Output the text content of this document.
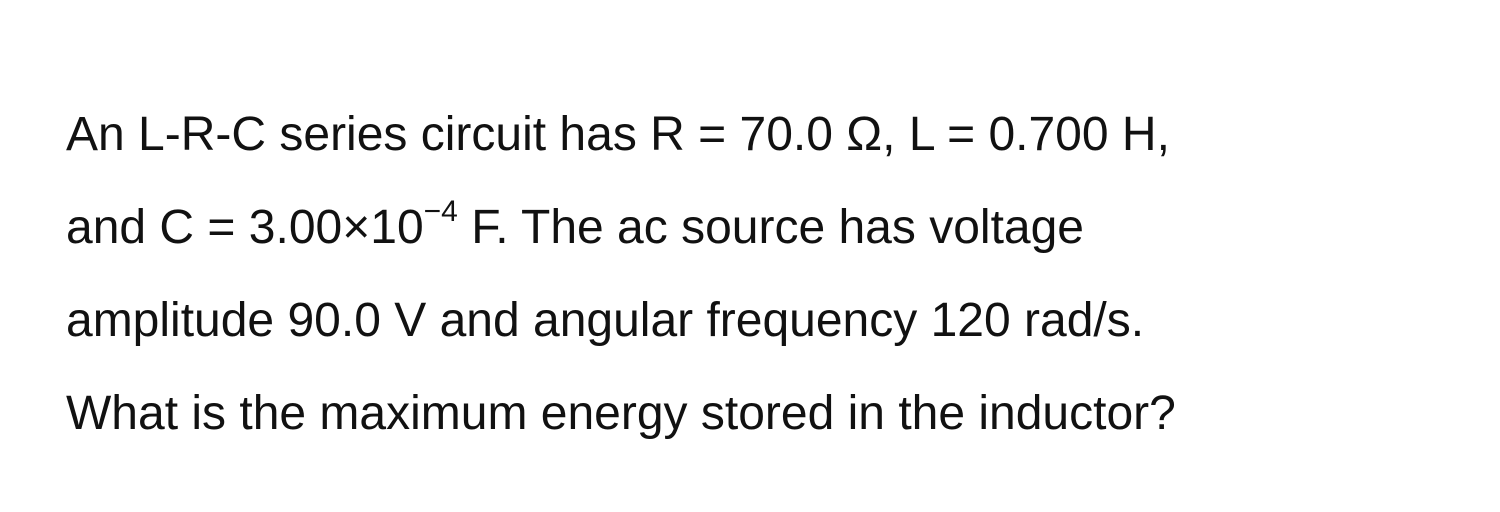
An L-R-C series circuit has R = 70.0 Ω, L = 0.700 H,
and $C = 3.00\times 10^{-4}$ F. The ac source has voltage
amplitude 90.0 V and angular frequency 120 rad/s.
What is the maximum energy stored in the inductor?
